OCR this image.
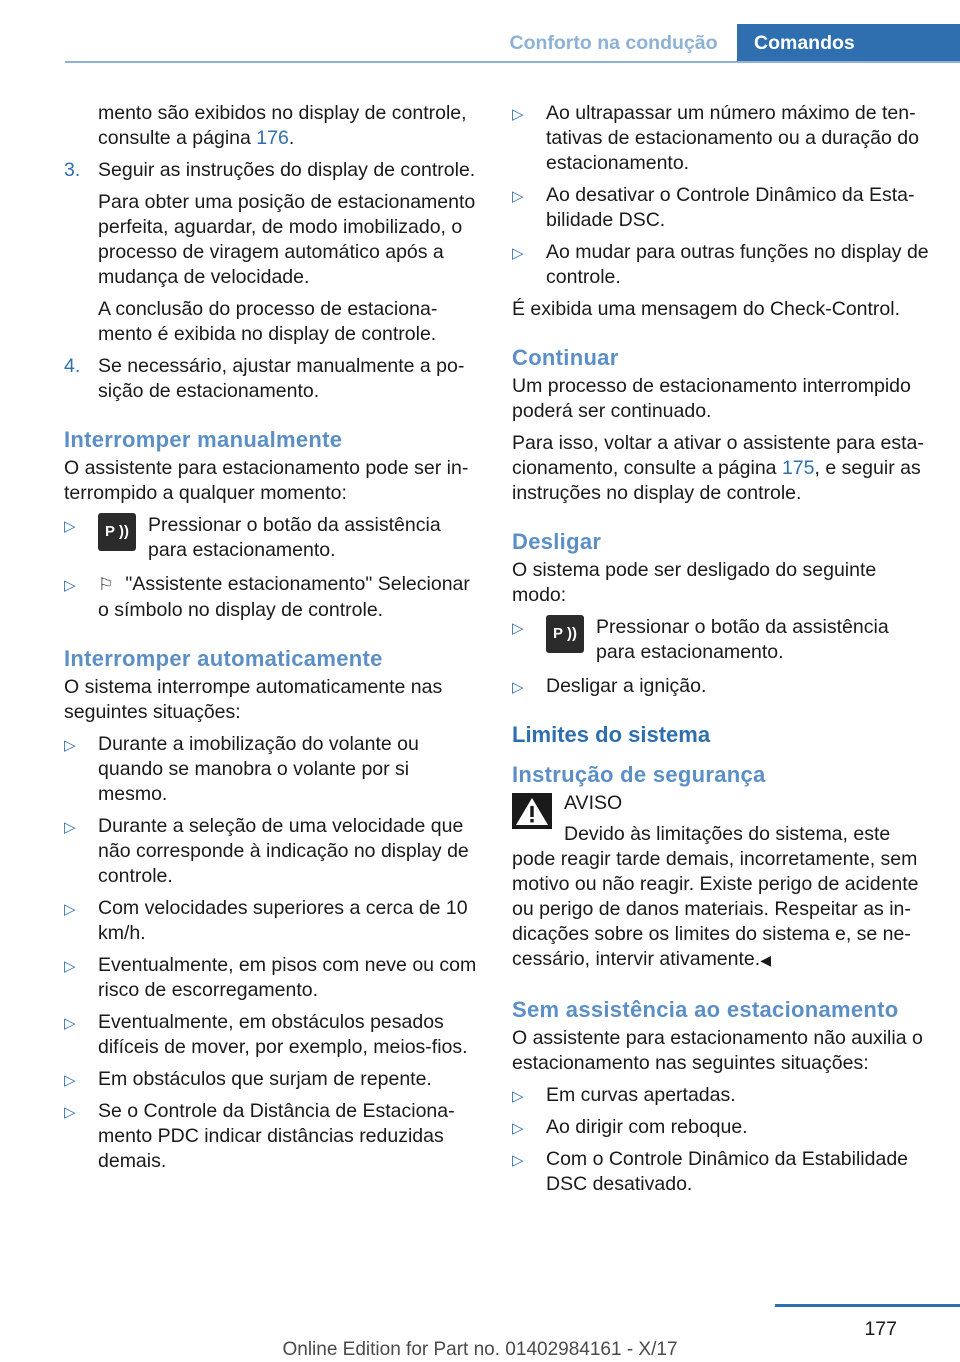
Conforto na condução	Comandos

mento são exibidos no display de controle, consulte a página 176.

3. Seguir as instruções do display de controle.

Para obter uma posição de estacionamento perfeita, aguardar, de modo imobilizado, o processo de viragem automático após a mudança de velocidade.

A conclusão do processo de estacionamento é exibida no display de controle.

4. Se necessário, ajustar manualmente a posição de estacionamento.

Interromper manualmente

O assistente para estacionamento pode ser interrompido a qualquer momento:

▷	P )) Pressionar o botão da assistência para estacionamento.
▷ ⚐ "Assistente estacionamento" Selecionar o símbolo no display de controle.
Interromper automaticamente

O sistema interrompe automaticamente nas seguintes situações:

▷ Durante a imobilização do volante ou quando se manobra o volante por si mesmo.
▷ Durante a seleção de uma velocidade que não corresponde à indicação no display de controle.
▷ Com velocidades superiores a cerca de 10 km/h.
▷ Eventualmente, em pisos com neve ou com risco de escorregamento.
▷ Eventualmente, em obstáculos pesados difíceis de mover, por exemplo, meios-fios.
▷ Em obstáculos que surjam de repente.
▷ Se o Controle da Distância de Estacionamento PDC indicar distâncias reduzidas demais.
▷ Ao ultrapassar um número máximo de tentativas de estacionamento ou a duração do estacionamento.
▷ Ao desativar o Controle Dinâmico da Estabilidade DSC.
▷ Ao mudar para outras funções no display de controle.

É exibida uma mensagem do Check-Control.

Continuar

Um processo de estacionamento interrompido poderá ser continuado.

Para isso, voltar a ativar o assistente para estacionamento, consulte a página 175, e seguir as instruções no display de controle.

Desligar

O sistema pode ser desligado do seguinte modo:

▷	P )) Pressionar o botão da assistência para estacionamento.
▷ Desligar a ignição.
Limites do sistema
Instrução de segurança

AVISO

Devido às limitações do sistema, este

pode reagir tarde demais, incorretamente, sem motivo ou não reagir. Existe perigo de acidente ou perigo de danos materiais. Respeitar as indicações sobre os limites do sistema e, se necessário, intervir ativamente.◀

Sem assistência ao estacionamento

O assistente para estacionamento não auxilia o estacionamento nas seguintes situações:

▷ Em curvas apertadas.
▷ Ao dirigir com reboque.
▷ Com o Controle Dinâmico da Estabilidade DSC desativado.
177
Online Edition for Part no. 01402984161 - X/17
